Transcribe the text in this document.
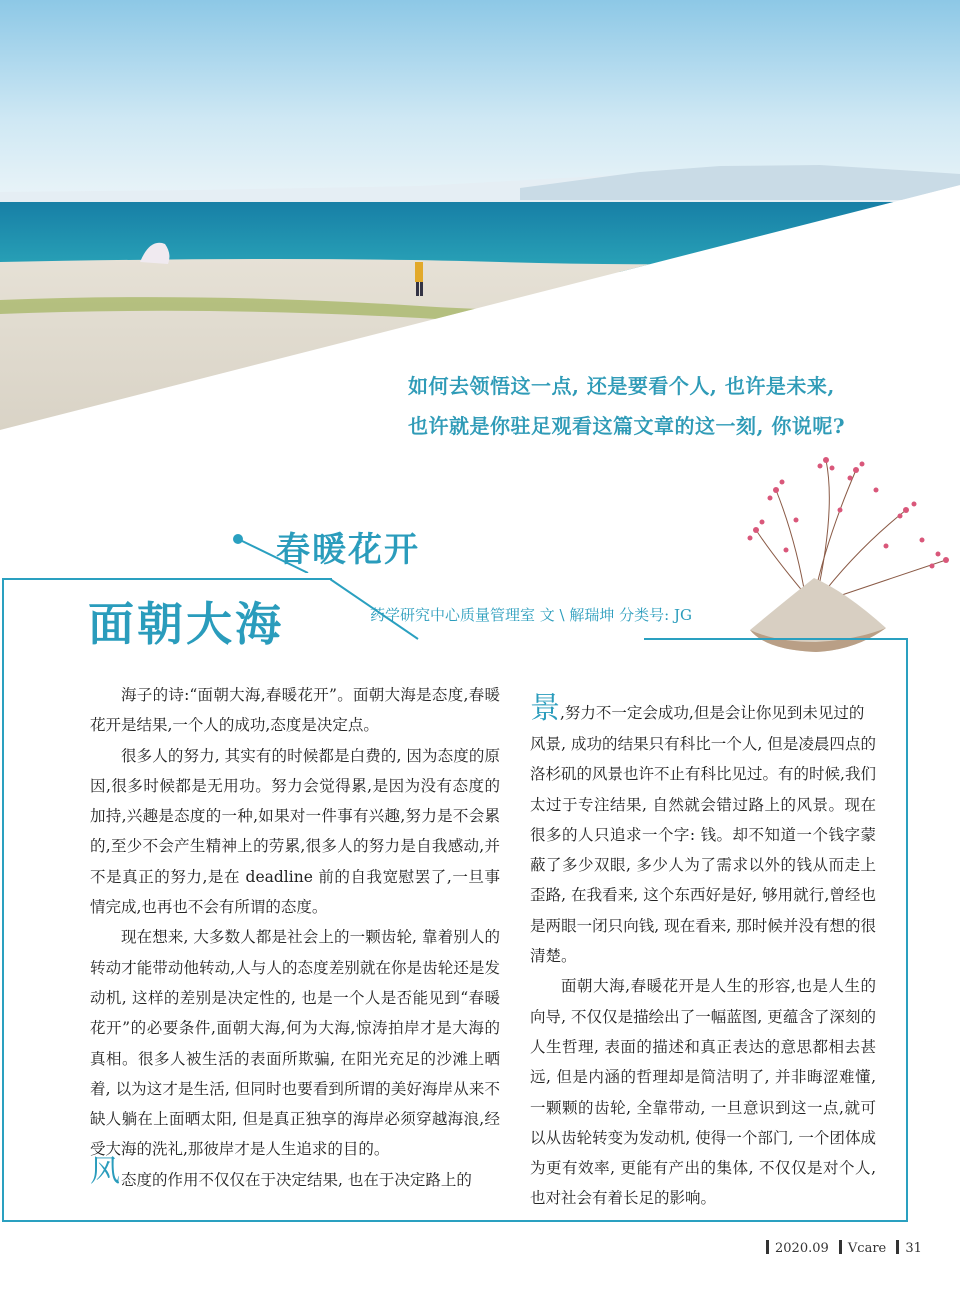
如何去领悟这一点, 还是要看个人, 也许是未来,
也许就是你驻足观看这篇文章的这一刻, 你说呢?
春暖花开
面朝大海	药学研究中心质量管理室 文 \ 解瑞坤 分类号: JG

海子的诗:“面朝大海,春暖花开”。面朝大海是态度,春暖花开是结果,一个人的成功,态度是决定点。

很多人的努力, 其实有的时候都是白费的, 因为态度的原因,很多时候都是无用功。努力会觉得累,是因为没有态度的加持,兴趣是态度的一种,如果对一件事有兴趣,努力是不会累的,至少不会产生精神上的劳累,很多人的努力是自我感动,并不是真正的努力,是在 deadline 前的自我宽慰罢了,一旦事情完成,也再也不会有所谓的态度。

现在想来, 大多数人都是社会上的一颗齿轮, 靠着别人的转动才能带动他转动,人与人的态度差别就在你是齿轮还是发动机, 这样的差别是决定性的, 也是一个人是否能见到“春暖花开”的必要条件,面朝大海,何为大海,惊涛拍岸才是大海的真相。很多人被生活的表面所欺骗, 在阳光充足的沙滩上晒着, 以为这才是生活, 但同时也要看到所谓的美好海岸从来不缺人躺在上面晒太阳, 但是真正独享的海岸必须穿越海浪,经受大海的洗礼,那彼岸才是人生追求的目的。

态度的作用不仅仅在于决定结果, 也在于决定路上的

风

景,努力不一定会成功,但是会让你见到未见过的

风景, 成功的结果只有科比一个人, 但是凌晨四点的洛杉矶的风景也许不止有科比见过。有的时候,我们太过于专注结果, 自然就会错过路上的风景。现在很多的人只追求一个字: 钱。却不知道一个钱字蒙蔽了多少双眼, 多少人为了需求以外的钱从而走上歪路, 在我看来, 这个东西好是好, 够用就行,曾经也是两眼一闭只向钱, 现在看来, 那时候并没有想的很清楚。

面朝大海,春暖花开是人生的形容,也是人生的向导, 不仅仅是描绘出了一幅蓝图, 更蕴含了深刻的人生哲理, 表面的描述和真正表达的意思都相去甚远, 但是内涵的哲理却是简洁明了, 并非晦涩难懂, 一颗颗的齿轮, 全靠带动, 一旦意识到这一点,就可以从齿轮转变为发动机, 使得一个部门, 一个团体成为更有效率, 更能有产出的集体, 不仅仅是对个人,也对社会有着长足的影响。

2020.09 Vcare 31
